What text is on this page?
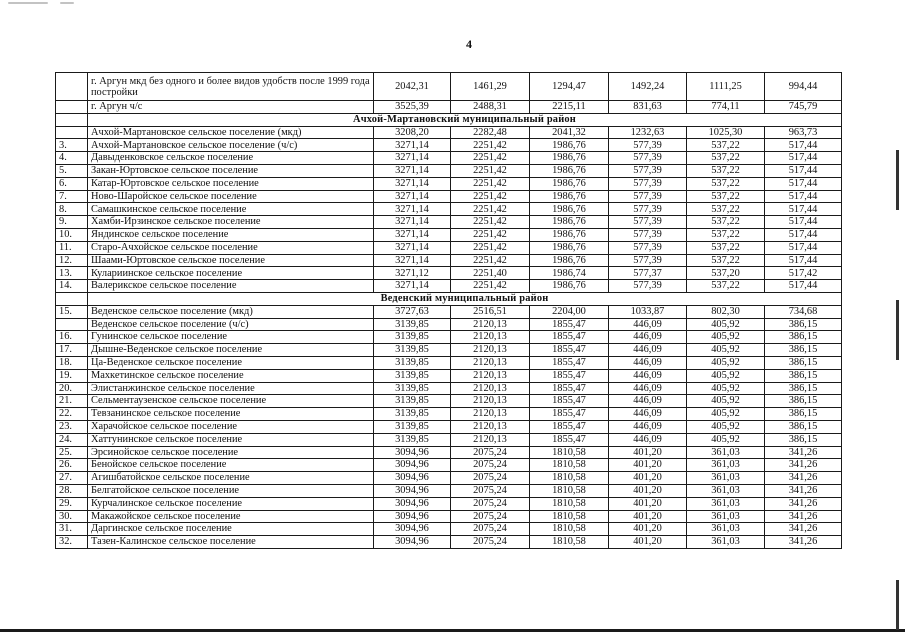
4
	г. Аргун мкд без одного и более видов удобств после 1999 года постройки	2042,31	1461,29	1294,47	1492,24	1111,25	994,44
	г. Аргун ч/с	3525,39	2488,31	2215,11	831,63	774,11	745,79
	Ачхой-Мартановский муниципальный район						
	Ачхой-Мартановское сельское поселение (мкд)	3208,20	2282,48	2041,32	1232,63	1025,30	963,73
3.	Ачхой-Мартановское сельское поселение (ч/с)	3271,14	2251,42	1986,76	577,39	537,22	517,44
4.	Давыденковское сельское поселение	3271,14	2251,42	1986,76	577,39	537,22	517,44
5.	Закан-Юртовское сельское поселение	3271,14	2251,42	1986,76	577,39	537,22	517,44
6.	Катар-Юртовское сельское поселение	3271,14	2251,42	1986,76	577,39	537,22	517,44
7.	Ново-Шаройское сельское поселение	3271,14	2251,42	1986,76	577,39	537,22	517,44
8.	Самашкинское сельское поселение	3271,14	2251,42	1986,76	577,39	537,22	517,44
9.	Хамби-Ирзинское сельское поселение	3271,14	2251,42	1986,76	577,39	537,22	517,44
10.	Яндинское сельское поселение	3271,14	2251,42	1986,76	577,39	537,22	517,44
11.	Старо-Ачхойское сельское поселение	3271,14	2251,42	1986,76	577,39	537,22	517,44
12.	Шаами-Юртовское сельское поселение	3271,14	2251,42	1986,76	577,39	537,22	517,44
13.	Кулариинское сельское поселение	3271,12	2251,40	1986,74	577,37	537,20	517,42
14.	Валерикское сельское поселение	3271,14	2251,42	1986,76	577,39	537,22	517,44
	Веденский муниципальный район						
15.	Веденское сельское поселение (мкд)	3727,63	2516,51	2204,00	1033,87	802,30	734,68
	Веденское сельское поселение (ч/с)	3139,85	2120,13	1855,47	446,09	405,92	386,15
16.	Гунинское сельское поселение	3139,85	2120,13	1855,47	446,09	405,92	386,15
17.	Дышне-Веденское сельское поселение	3139,85	2120,13	1855,47	446,09	405,92	386,15
18.	Ца-Веденское сельское поселение	3139,85	2120,13	1855,47	446,09	405,92	386,15
19.	Махкетинское сельское поселение	3139,85	2120,13	1855,47	446,09	405,92	386,15
20.	Элистанжинское сельское поселение	3139,85	2120,13	1855,47	446,09	405,92	386,15
21.	Сельментаузенское сельское поселение	3139,85	2120,13	1855,47	446,09	405,92	386,15
22.	Тевзанинское сельское поселение	3139,85	2120,13	1855,47	446,09	405,92	386,15
23.	Харачойское сельское поселение	3139,85	2120,13	1855,47	446,09	405,92	386,15
24.	Хаттунинское сельское поселение	3139,85	2120,13	1855,47	446,09	405,92	386,15
25.	Эрсинойское сельское поселение	3094,96	2075,24	1810,58	401,20	361,03	341,26
26.	Бенойское сельское поселение	3094,96	2075,24	1810,58	401,20	361,03	341,26
27.	Агишбатойское сельское поселение	3094,96	2075,24	1810,58	401,20	361,03	341,26
28.	Белгатойское сельское поселение	3094,96	2075,24	1810,58	401,20	361,03	341,26
29.	Курчалинское сельское поселение	3094,96	2075,24	1810,58	401,20	361,03	341,26
30.	Макажойское сельское поселение	3094,96	2075,24	1810,58	401,20	361,03	341,26
31.	Даргинское сельское поселение	3094,96	2075,24	1810,58	401,20	361,03	341,26
32.	Тазен-Калинское сельское поселение	3094,96	2075,24	1810,58	401,20	361,03	341,26
